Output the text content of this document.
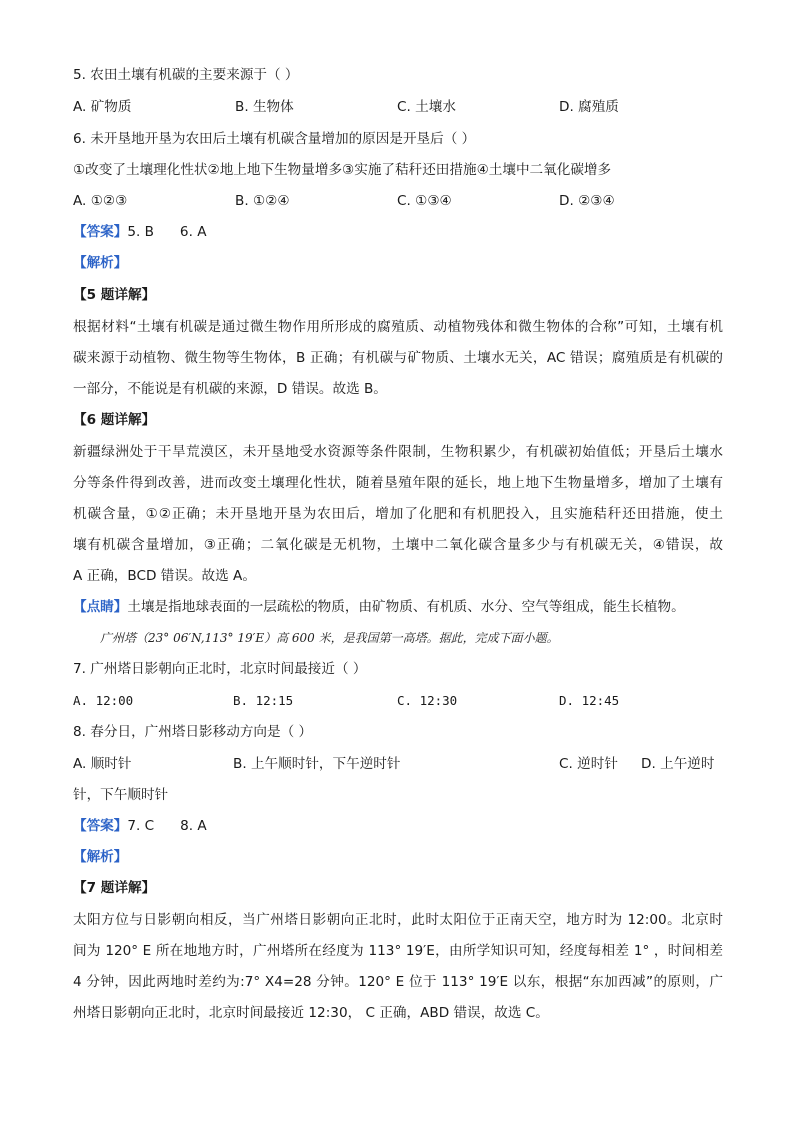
5. 农田土壤有机碳的主要来源于（ ）
A. 矿物质	B. 生物体	C. 土壤水	D. 腐殖质
6. 未开垦地开垦为农田后土壤有机碳含量增加的原因是开垦后（ ）
①改变了土壤理化性状②地上地下生物量增多③实施了秸秆还田措施④土壤中二氧化碳增多
A. ①②③	B. ①②④	C. ①③④	D. ②③④
【答案】5. B      6. A
【解析】
【5 题详解】
根据材料“土壤有机碳是通过微生物作用所形成的腐殖质、动植物残体和微生物体的合称”可知，土壤有机
碳来源于动植物、微生物等生物体，B 正确；有机碳与矿物质、土壤水无关，AC 错误；腐殖质是有机碳的
一部分，不能说是有机碳的来源，D 错误。故选 B。
【6 题详解】
新疆绿洲处于干旱荒漠区，未开垦地受水资源等条件限制，生物积累少，有机碳初始值低；开垦后土壤水
分等条件得到改善，进而改变土壤理化性状，随着垦殖年限的延长，地上地下生物量增多，增加了土壤有
机碳含量，①②正确；未开垦地开垦为农田后，增加了化肥和有机肥投入，且实施秸秆还田措施，使土
壤有机碳含量增加，③正确；二氧化碳是无机物，土壤中二氧化碳含量多少与有机碳无关，④错误，故
A 正确，BCD 错误。故选 A。
【点睛】土壤是指地球表面的一层疏松的物质，由矿物质、有机质、水分、空气等组成，能生长植物。
广州塔（23° 06′N,113° 19′E）高 600 米，是我国第一高塔。据此，完成下面小题。
7. 广州塔日影朝向正北时，北京时间最接近（ ）
A. 12:00	B. 12:15	C. 12:30	D. 12:45
8. 春分日，广州塔日影移动方向是（ ）
A. 顺时针	B. 上午顺时针，下午逆时针	C. 逆时针 D. 上午逆时
针，下午顺时针
【答案】7. C      8. A
【解析】
【7 题详解】
太阳方位与日影朝向相反，当广州塔日影朝向正北时，此时太阳位于正南天空，地方时为 12:00。北京时
间为 120° E 所在地地方时，广州塔所在经度为 113° 19′E，由所学知识可知，经度每相差 1° ，时间相差
4 分钟，因此两地时差约为:7° X4=28 分钟。120° E 位于 113° 19′E 以东，根据“东加西减”的原则，广
州塔日影朝向正北时，北京时间最接近 12:30， C 正确，ABD 错误，故选 C。
